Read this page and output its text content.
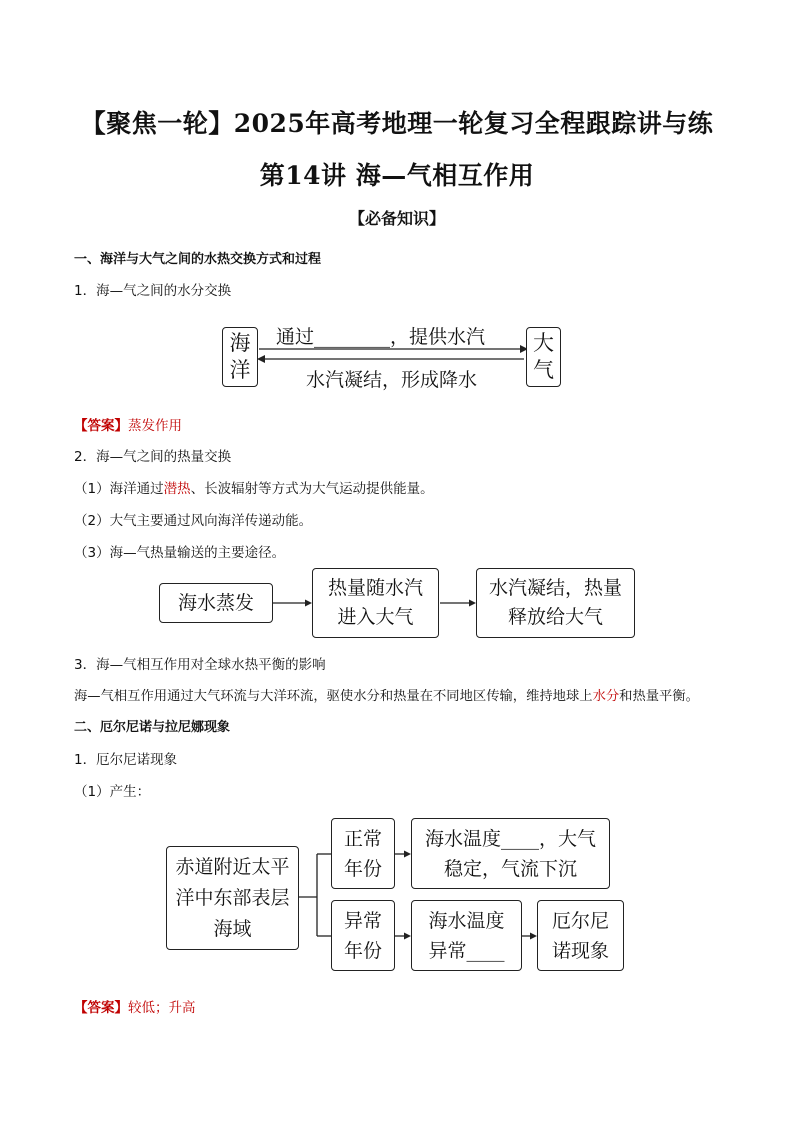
【聚焦一轮】2025年高考地理一轮复习全程跟踪讲与练
第14讲 海—气相互作用
【必备知识】
一、海洋与大气之间的水热交换方式和过程
1．海—气之间的水分交换
海洋
大气
通过________，提供水汽
水汽凝结，形成降水
【答案】蒸发作用
2．海—气之间的热量交换
（1）海洋通过潜热、长波辐射等方式为大气运动提供能量。
（2）大气主要通过风向海洋传递动能。
（3）海—气热量输送的主要途径。
海水蒸发
热量随水汽进入大气
水汽凝结，热量释放给大气
3．海—气相互作用对全球水热平衡的影响
海—气相互作用通过大气环流与大洋环流，驱使水分和热量在不同地区传输，维持地球上水分和热量平衡。
二、厄尔尼诺与拉尼娜现象
1．厄尔尼诺现象
（1）产生：
赤道附近太平洋中东部表层海域
正常年份
海水温度____，大气稳定，气流下沉
异常年份
海水温度异常____
厄尔尼诺现象
【答案】较低；升高
